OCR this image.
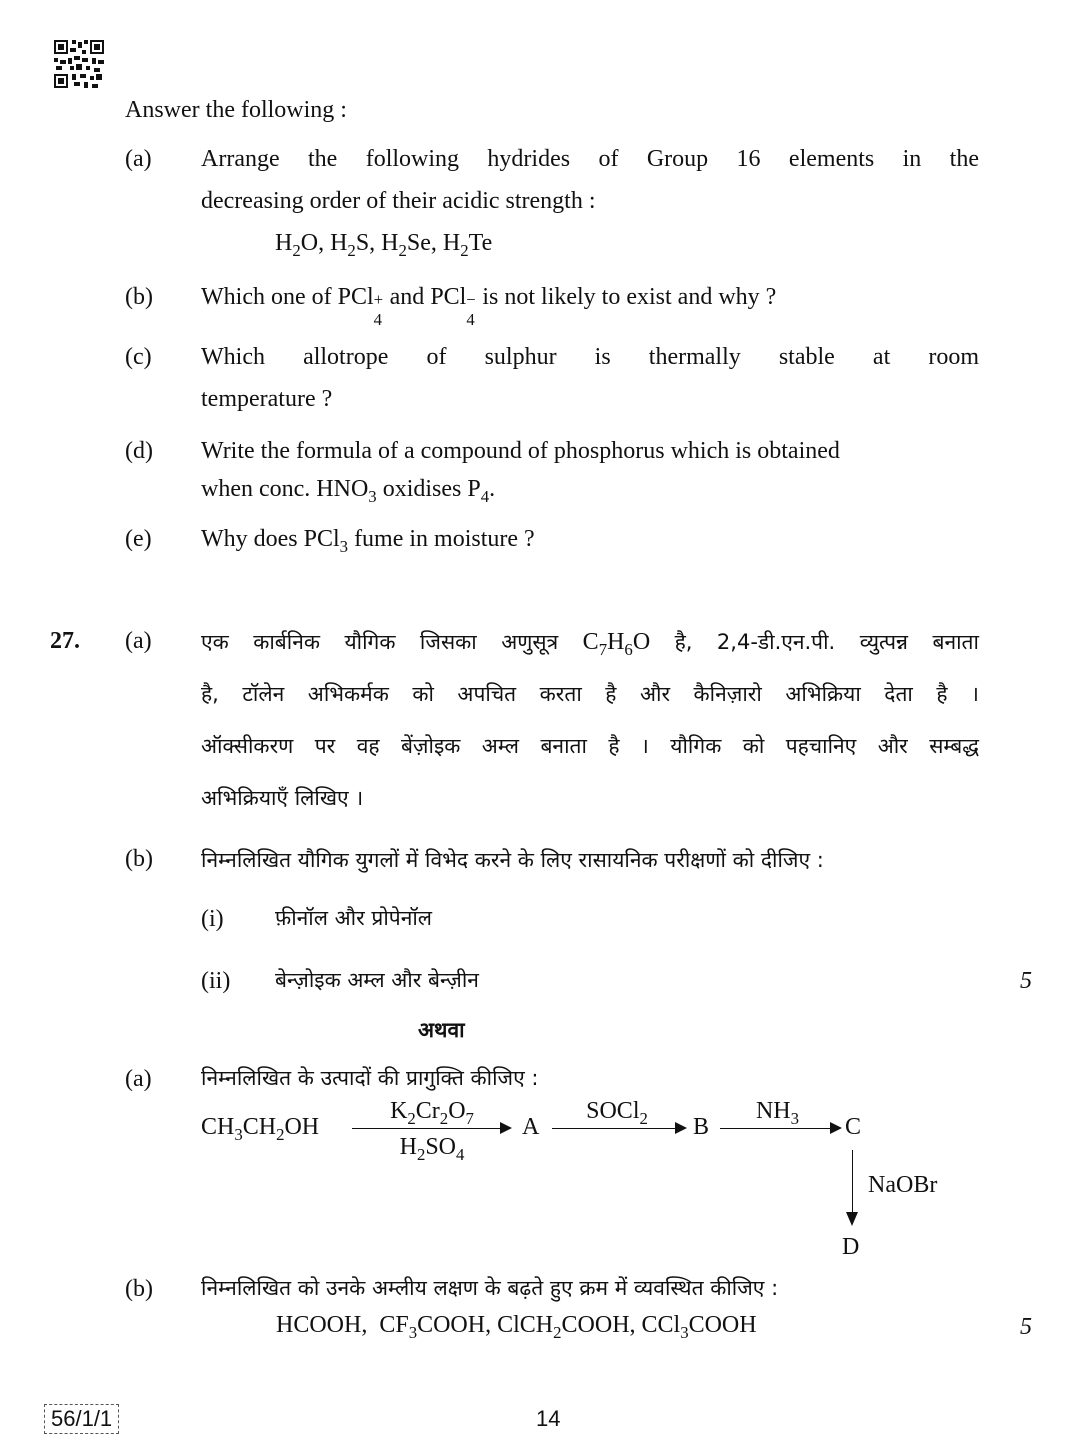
Answer the following :
(a) Arrange the following hydrides of Group 16 elements in the
decreasing order of their acidic strength :
$H_2O$, $H_2S$, $H_2Se$, $H_2Te$
(b) Which one of PCl +
4
and PCl −
4
is not likely to exist and why ?
(c) Which allotrope of sulphur is thermally stable at room
temperature ?
(d) Write the formula of a compound of phosphorus which is obtained
when conc. $HNO_3$ oxidises $P_4$.
(e) Why does PCl$_3$ fume in moisture ?
27. (a) एक कार्बनिक यौगिक जिसका अणुसूत्र $C_7H_6O$ है, 2,4-डी.एन.पी. व्युत्पन्न बनाता
है, टॉलेन अभिकर्मक को अपचित करता है और कैनिज़ारो अभिक्रिया देता है ।
ऑक्सीकरण पर वह बेंज़ोइक अम्ल बनाता है । यौगिक को पहचानिए और सम्बद्ध
अभिक्रियाएँ लिखिए ।
(b) निम्नलिखित यौगिक युगलों में विभेद करने के लिए रासायनिक परीक्षणों को दीजिए :
(i) फ़ीनॉल और प्रोपेनॉल
(ii) बेन्ज़ोइक अम्ल और बेन्ज़ीन	5
अथवा
(a) निम्नलिखित के उत्पादों की प्रागुक्ति कीजिए :
$CH_3CH_2OH$
$K_2Cr_2O_7$
$H_2SO_4$
A
SOCl$_2$	B
$NH_3$	C
NaOBr
D
(b) निम्नलिखित को उनके अम्लीय लक्षण के बढ़ते हुए क्रम में व्यवस्थित कीजिए :
HCOOH,  $CF_3COOH$, ClCH$_2$COOH, CCl$_3$COOH	5
56/1/1	14
